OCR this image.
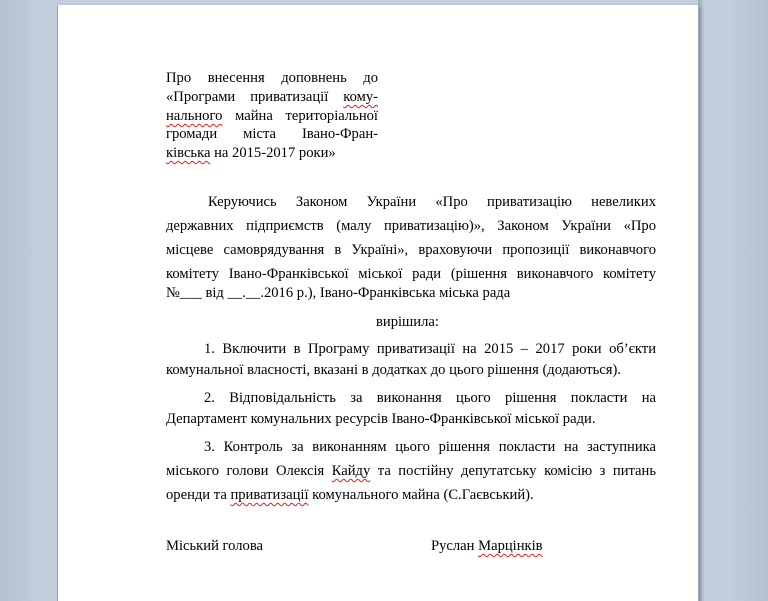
Про внесення доповнень до
«Програми приватизації кому-
нального майна територіальної
громади міста Івано-Фран-
ківська на 2015-2017 роки»
Керуючись Законом України «Про приватизацію невеликих
державних підприємств (малу приватизацію)», Законом України «Про
місцеве самоврядування в Україні», враховуючи пропозиції виконавчого
комітету Івано-Франківської міської ради (рішення виконавчого комітету
№___ від __.__.2016 р.), Івано-Франківська міська рада
вирішила:
1. Включити в Програму приватизації на 2015 – 2017 роки об’єкти
комунальної власності, вказані в додатках до цього рішення (додаються).
2. Відповідальність за виконання цього рішення покласти на
Департамент комунальних ресурсів Івано-Франківської міської ради.
3. Контроль за виконанням цього рішення покласти на заступника
міського голови Олексія Кайду та постійну депутатську комісію з питань
оренди та приватизації комунального майна (С.Гаєвський).
Міський голова	Руслан Марцінків
